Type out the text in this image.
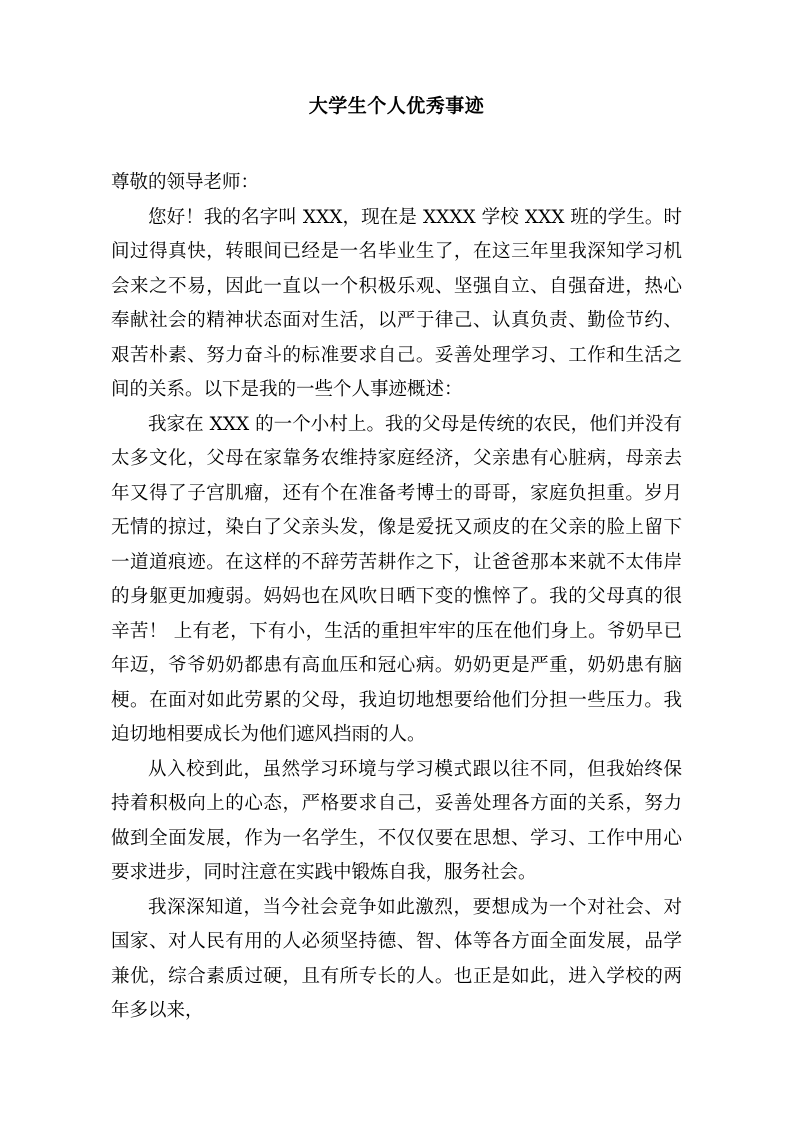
大学生个人优秀事迹

尊敬的领导老师：

您好！我的名字叫 XXX，现在是 XXXX 学校 XXX 班的学生。时间过得真快，转眼间已经是一名毕业生了，在这三年里我深知学习机会来之不易，因此一直以一个积极乐观、坚强自立、自强奋进，热心奉献社会的精神状态面对生活，以严于律己、认真负责、勤俭节约、艰苦朴素、努力奋斗的标准要求自己。妥善处理学习、工作和生活之间的关系。以下是我的一些个人事迹概述：

我家在 XXX 的一个小村上。我的父母是传统的农民，他们并没有太多文化，父母在家靠务农维持家庭经济，父亲患有心脏病，母亲去年又得了子宫肌瘤，还有个在准备考博士的哥哥，家庭负担重。岁月无情的掠过，染白了父亲头发，像是爱抚又顽皮的在父亲的脸上留下一道道痕迹。在这样的不辞劳苦耕作之下，让爸爸那本来就不太伟岸的身躯更加瘦弱。妈妈也在风吹日晒下变的憔悴了。我的父母真的很辛苦！ 上有老，下有小，生活的重担牢牢的压在他们身上。爷奶早已年迈，爷爷奶奶都患有高血压和冠心病。奶奶更是严重，奶奶患有脑梗。在面对如此劳累的父母，我迫切地想要给他们分担一些压力。我迫切地相要成长为他们遮风挡雨的人。

从入校到此，虽然学习环境与学习模式跟以往不同，但我始终保持着积极向上的心态，严格要求自己，妥善处理各方面的关系，努力做到全面发展，作为一名学生，不仅仅要在思想、学习、工作中用心要求进步，同时注意在实践中锻炼自我，服务社会。

我深深知道，当今社会竞争如此激烈，要想成为一个对社会、对国家、对人民有用的人必须坚持德、智、体等各方面全面发展，品学兼优，综合素质过硬，且有所专长的人。也正是如此，进入学校的两年多以来，
